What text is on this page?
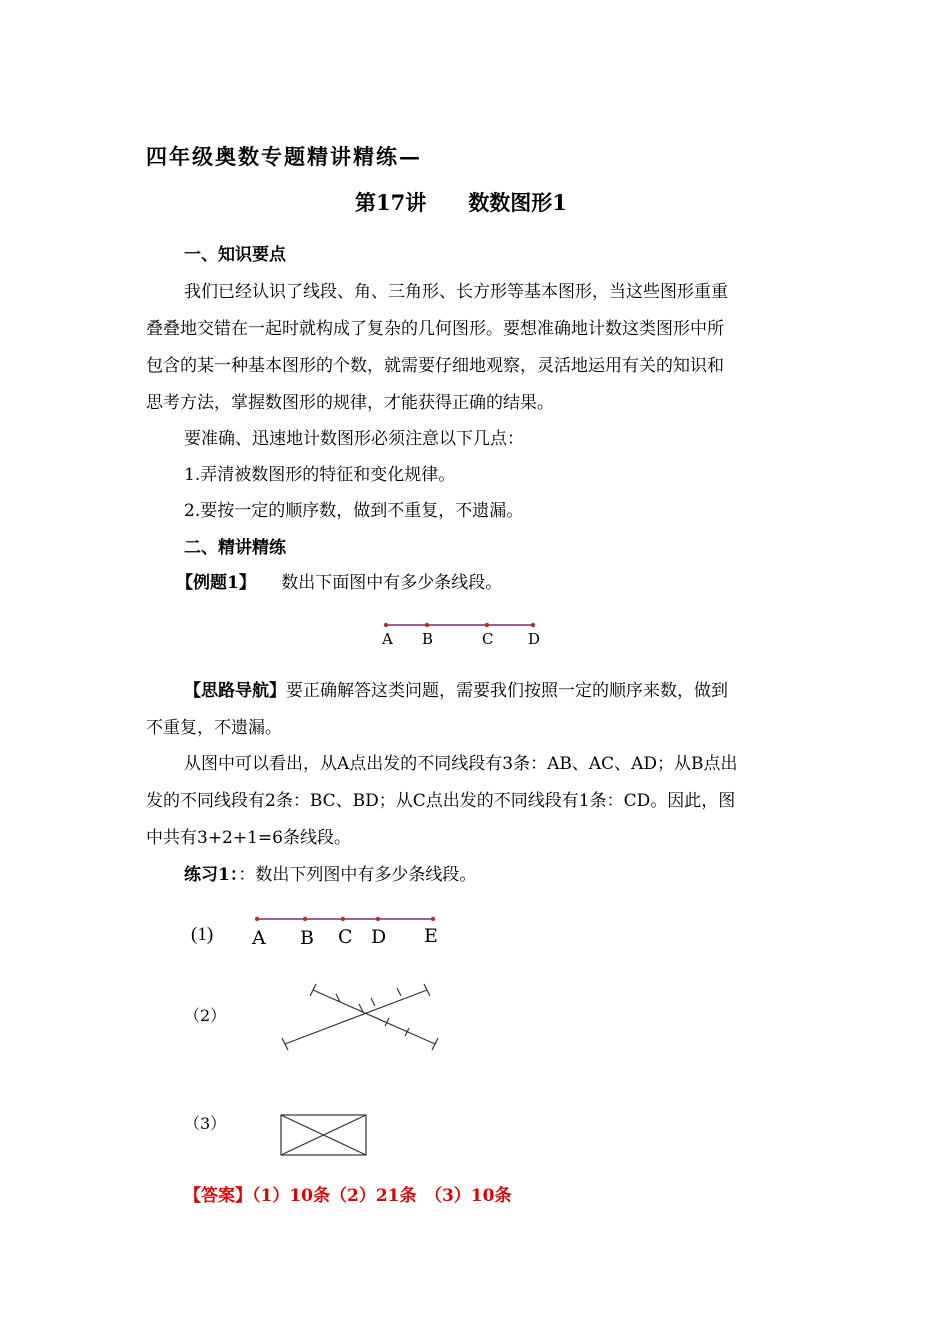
四年级奥数专题精讲精练—
第17讲　　数数图形1
一、知识要点
我们已经认识了线段、角、三角形、长方形等基本图形，当这些图形重重
叠叠地交错在一起时就构成了复杂的几何图形。要想准确地计数这类图形中所
包含的某一种基本图形的个数，就需要仔细地观察，灵活地运用有关的知识和
思考方法，掌握数图形的规律，才能获得正确的结果。
要准确、迅速地计数图形必须注意以下几点：
1.弄清被数图形的特征和变化规律。
2.要按一定的顺序数，做到不重复，不遗漏。
二、精讲精练
【例题1】 数出下面图中有多少条线段。
A B	C D
【思路导航】要正确解答这类问题，需要我们按照一定的顺序来数，做到
不重复，不遗漏。
从图中可以看出，从A点出发的不同线段有3条：AB、AC、AD；从B点出
发的不同线段有2条：BC、BD；从C点出发的不同线段有1条：CD。因此，图
中共有3+2+1=6条线段。
练习1：：数出下列图中有多少条线段。
(1) A B C D E
（2）
（3）
【答案】（1）10条（2）21条　（3）10条
